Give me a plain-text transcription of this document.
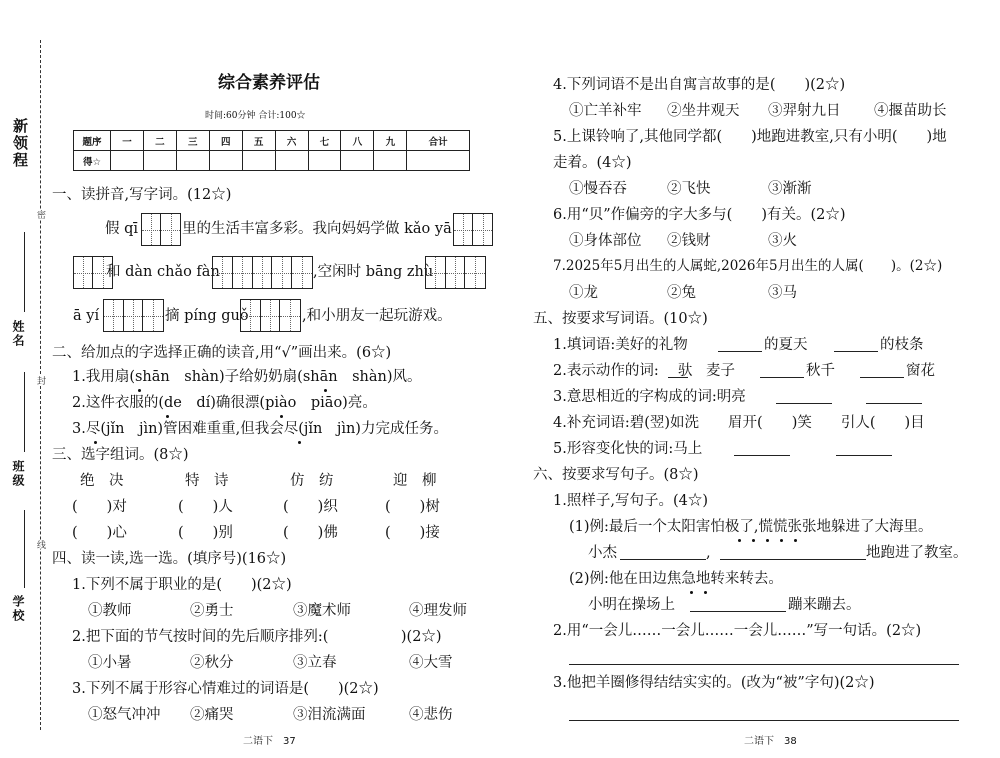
新领程
密
封
线
姓名
班级
学校
综合素养评估
时间:60分钟 合计:100☆
题序	一	二	三	四	五	六	七	八	九	合计
得☆										
一、读拼音,写字词。(12☆)
假 qī	里的生活丰富多彩。我向妈妈学做 kǎo yā
和 dàn chǎo fàn	,空闲时 bāng zhù
ā yí	摘 píng guǒ	,和小朋友一起玩游戏。
二、给加点的字选择正确的读音,用“√”画出来。(6☆)
1.我用扇(shān　shàn)子给奶奶扇(shān　shàn)风。
2.这件衣服的(de　dí)确很漂(piào　piāo)亮。
3.尽(jǐn　jìn)管困难重重,但我会尽(jǐn　jìn)力完成任务。
三、选字组词。(8☆)
绝　决	特　诗	仿　纺	迎　柳
(　　)对	(　　)人	(　　)织	(　　)树
(　　)心	(　　)别	(　　)佛	(　　)接
四、读一读,选一选。(填序号)(16☆)
1.下列不属于职业的是(　　)(2☆)
①教师	②勇士	③魔术师	④理发师
2.把下面的节气按时间的先后顺序排列:(　　　　　)(2☆)
①小暑	②秋分	③立春	④大雪
3.下列不属于形容心情难过的词语是(　　)(2☆)
①怒气冲冲 ②痛哭	③泪流满面	④悲伤
二语下　37
4.下列词语不是出自寓言故事的是(　　)(2☆)
①亡羊补牢 ②坐井观天 ③羿射九日 ④揠苗助长
5.上课铃响了,其他同学都(　　)地跑进教室,只有小明(　　)地
走着。(4☆)
①慢吞吞	②飞快	③渐渐
6.用“贝”作偏旁的字大多与(　　)有关。(2☆)
①身体部位 ②钱财	③火
7.2025年5月出生的人属蛇,2026年5月出生的人属(　　)。(2☆)
①龙	②兔	③马
五、按要求写词语。(10☆)
1.填词语:美好的礼物	的夏天	的枝条
2.表示动作的词: 驮 麦子	秋千	窗花
3.意思相近的字构成的词:明亮
4.补充词语:碧(翌)如洗　　眉开(　　)笑　　引人(　　)目
5.形容变化快的词:马上
六、按要求写句子。(8☆)
1.照样子,写句子。(4☆)
(1)例:最后一个太阳害怕极了,慌慌张张地躲进了大海里。
小杰	,	地跑进了教室。
(2)例:他在田边焦急地转来转去。
小明在操场上	蹦来蹦去。
2.用“一会儿……一会儿……一会儿……”写一句话。(2☆)
3.他把羊圈修得结结实实的。(改为“被”字句)(2☆)
二语下　38
